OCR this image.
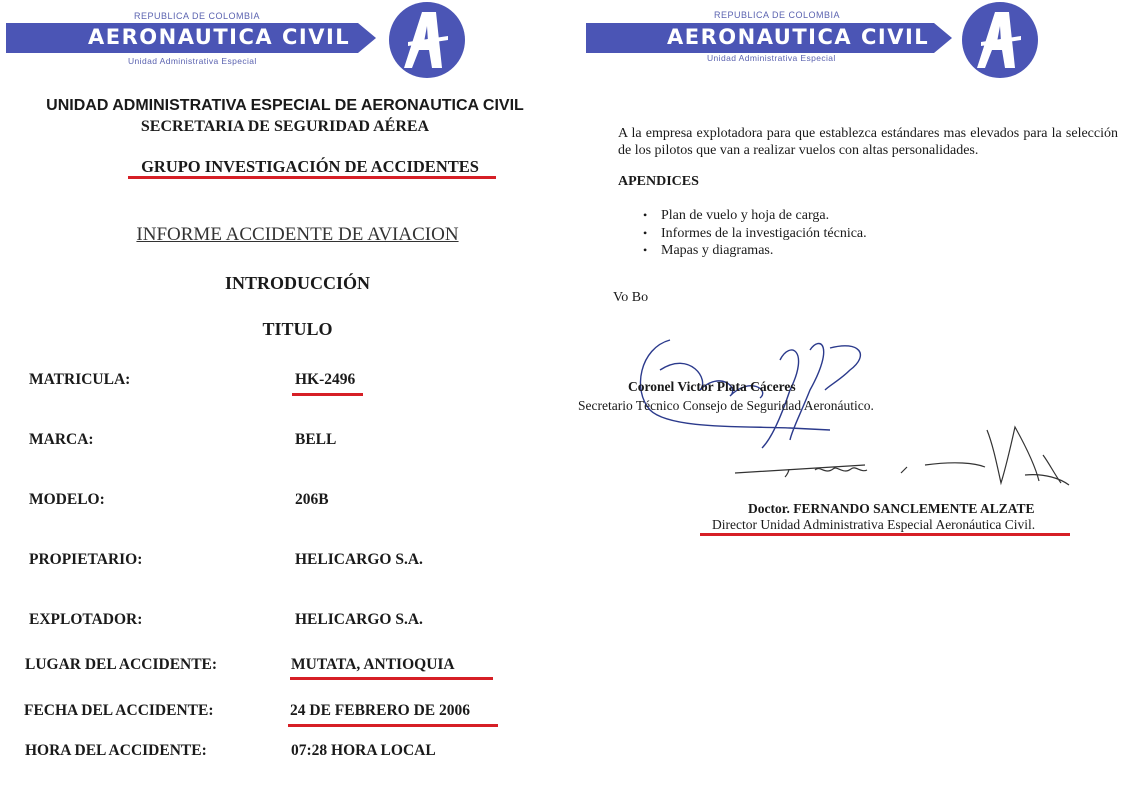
REPUBLICA DE COLOMBIA
AERONAUTICA CIVIL
Unidad Administrativa Especial
UNIDAD ADMINISTRATIVA ESPECIAL DE AERONAUTICA CIVIL
SECRETARIA DE SEGURIDAD AÉREA
GRUPO INVESTIGACIÓN DE ACCIDENTES
INFORME ACCIDENTE DE AVIACION
INTRODUCCIÓN
TITULO
MATRICULA:	HK-2496
MARCA:	BELL
MODELO:	206B
PROPIETARIO:	HELICARGO S.A.
EXPLOTADOR:	HELICARGO S.A.
LUGAR DEL ACCIDENTE:	MUTATA, ANTIOQUIA
FECHA DEL ACCIDENTE:	24 DE FEBRERO DE 2006
HORA DEL ACCIDENTE:	07:28 HORA LOCAL
REPUBLICA DE COLOMBIA
AERONAUTICA CIVIL
Unidad Administrativa Especial
A la empresa explotadora para que establezca estándares mas elevados para la selección de los pilotos que van a realizar vuelos con altas personalidades.
APENDICES
• Plan de vuelo y hoja de carga.
• Informes de la investigación técnica.
• Mapas y diagramas.
Vo Bo
Coronel Victor Plata Cáceres
Secretario Técnico Consejo de Seguridad Aeronáutico.
Doctor. FERNANDO SANCLEMENTE ALZATE
Director Unidad Administrativa Especial Aeronáutica Civil.
